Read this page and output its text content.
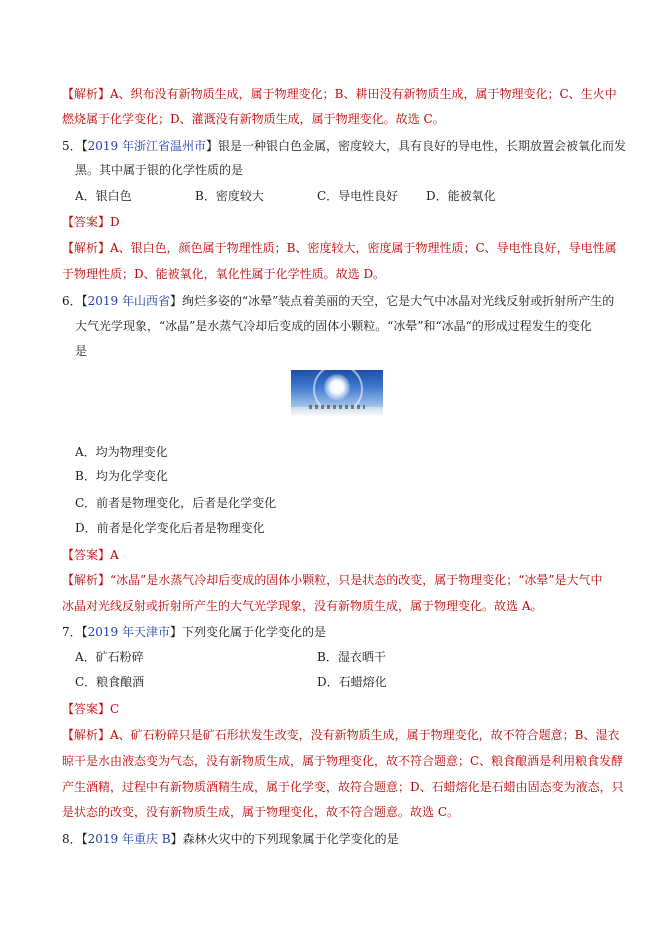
【解析】A、织布没有新物质生成，属于物理变化；B、耕田没有新物质生成，属于物理变化；C、生火中
燃烧属于化学变化；D、灌溉没有新物质生成，属于物理变化。故选 C。
5．【2019 年浙江省温州市】银是一种银白色金属，密度较大，具有良好的导电性，长期放置会被氧化而发
黑。其中属于银的化学性质的是
【答案】D
【解析】A、银白色，颜色属于物理性质；B、密度较大，密度属于物理性质；C、导电性良好，导电性属
于物理性质；D、能被氧化，氧化性属于化学性质。故选 D。
6．【2019 年山西省】绚烂多姿的“冰晕”装点着美丽的天空，它是大气中冰晶对光线反射或折射所产生的
大气光学现象，“冰晶”是水蒸气冷却后变成的固体小颗粒。“冰晕”和“冰晶“的形成过程发生的变化
是
A．均为物理变化
B．均为化学变化
C．前者是物理变化，后者是化学变化
D．前者是化学变化后者是物理变化
【答案】A
【解析】“冰晶”是水蒸气冷却后变成的固体小颗粒，只是状态的改变，属于物理变化；“冰晕”是大气中
冰晶对光线反射或折射所产生的大气光学现象，没有新物质生成，属于物理变化。故选 A。
7．【2019 年天津市】下列变化属于化学变化的是
【答案】C
【解析】A、矿石粉碎只是矿石形状发生改变，没有新物质生成，属于物理变化，故不符合题意；B、湿衣
晾干是水由液态变为气态，没有新物质生成，属于物理变化，故不符合题意；C、粮食酿酒是利用粮食发酵
产生酒精，过程中有新物质酒精生成，属于化学变，故符合题意；D、石蜡熔化是石蜡由固态变为液态，只
是状态的改变，没有新物质生成，属于物理变化，故不符合题意。故选 C。
8．【2019 年重庆 B】森林火灾中的下列现象属于化学变化的是
A．银白色	B．密度较大	C．导电性良好 D．能被氧化
A．矿石粉碎	B．湿衣晒干
C．粮食酿酒	D．石蜡熔化
